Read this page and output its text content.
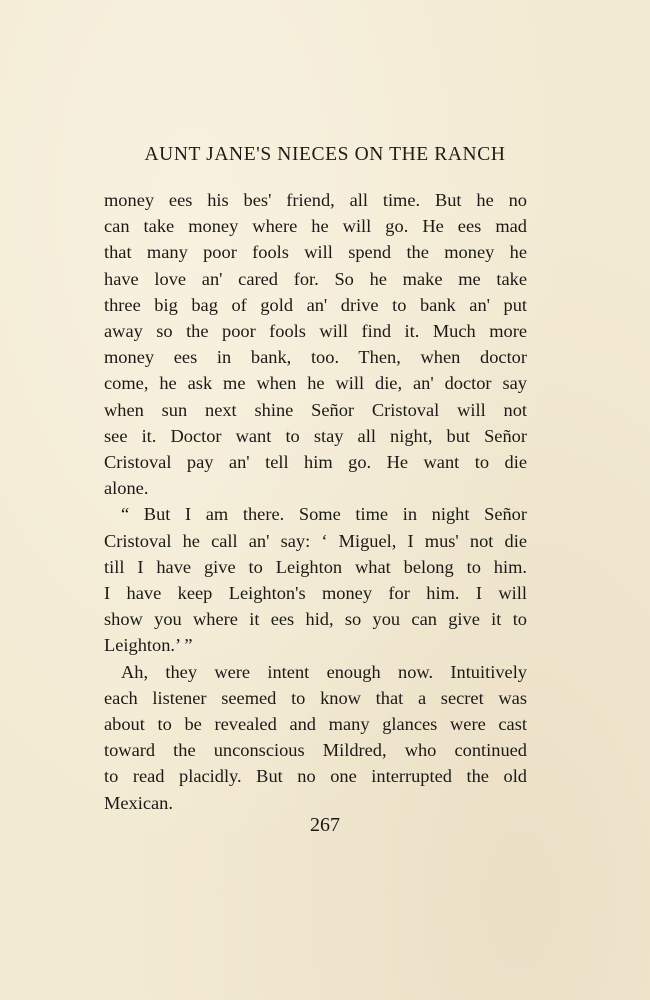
AUNT JANE'S NIECES ON THE RANCH
money ees his bes' friend, all time. But he no
can take money where he will go. He ees mad
that many poor fools will spend the money he
have love an' cared for. So he make me take
three big bag of gold an' drive to bank an' put
away so the poor fools will find it. Much more
money ees in bank, too. Then, when doctor
come, he ask me when he will die, an' doctor say
when sun next shine Señor Cristoval will not
see it. Doctor want to stay all night, but Señor
Cristoval pay an' tell him go. He want to die
alone.
“ But I am there. Some time in night Señor
Cristoval he call an' say: ‘ Miguel, I mus' not die
till I have give to Leighton what belong to him.
I have keep Leighton's money for him. I will
show you where it ees hid, so you can give it to
Leighton.’ ”
Ah, they were intent enough now. Intuitively
each listener seemed to know that a secret was
about to be revealed and many glances were cast
toward the unconscious Mildred, who continued
to read placidly. But no one interrupted the old
Mexican.
267
